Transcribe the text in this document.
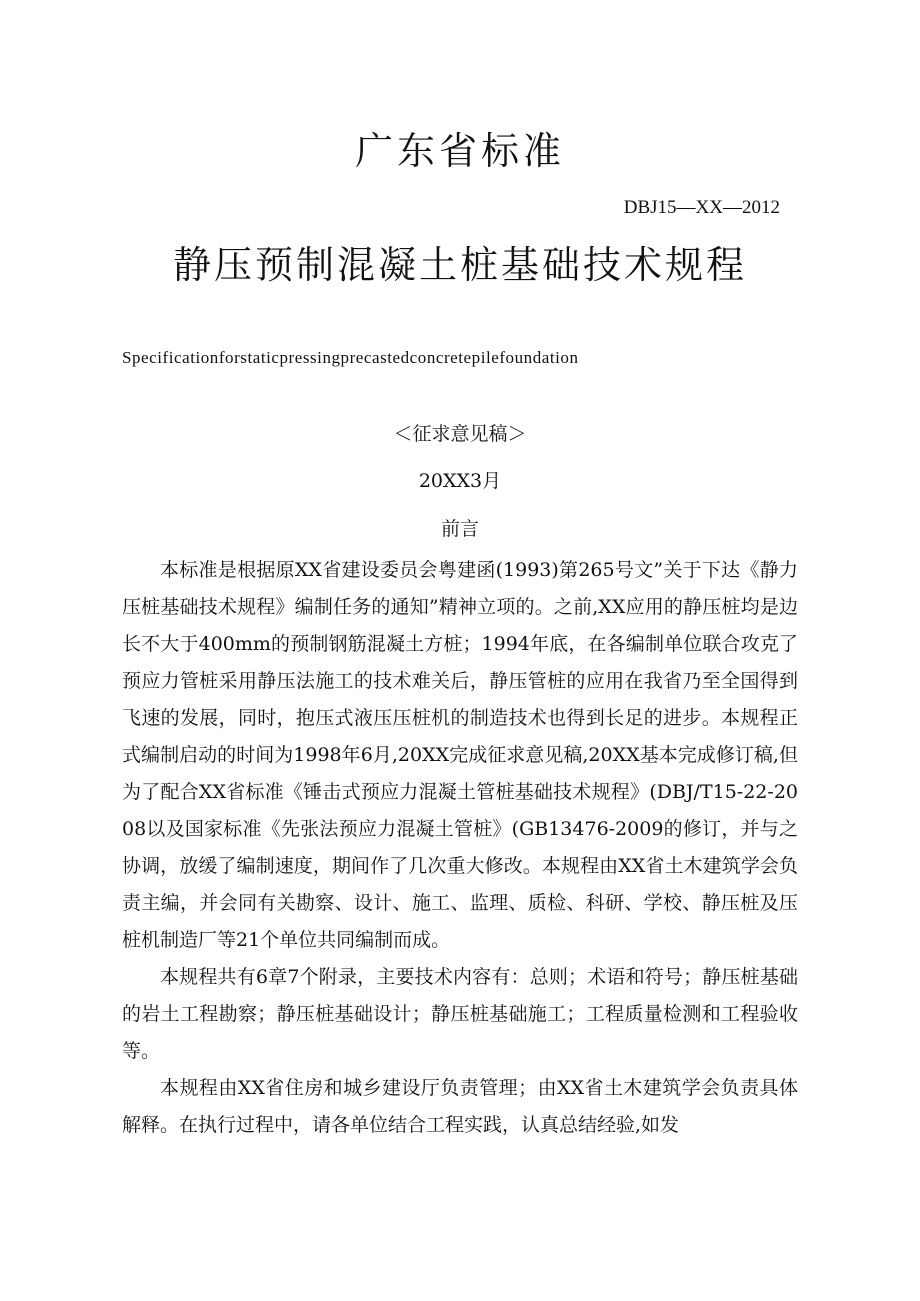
广东省标准
DBJ15—XX—2012
静压预制混凝土桩基础技术规程
Specificationforstaticpressingprecastedconcretepilefoundation
＜征求意见稿＞
20XX3月
前言

本标准是根据原XX省建设委员会粤建函(1993)第265号文”关于下达《静力压桩基础技术规程》编制任务的通知”精神立项的。之前,XX应用的静压桩均是边长不大于400mm的预制钢筋混凝土方桩；1994年底，在各编制单位联合攻克了预应力管桩采用静压法施工的技术难关后，静压管桩的应用在我省乃至全国得到飞速的发展，同时，抱压式液压压桩机的制造技术也得到长足的进步。本规程正式编制启动的时间为1998年6月,20XX完成征求意见稿,20XX基本完成修订稿,但为了配合XX省标准《锤击式预应力混凝土管桩基础技术规程》(DBJ/T15-22-2008以及国家标准《先张法预应力混凝土管桩》(GB13476-2009的修订，并与之协调，放缓了编制速度，期间作了几次重大修改。本规程由XX省土木建筑学会负责主编，并会同有关勘察、设计、施工、监理、质检、科研、学校、静压桩及压桩机制造厂等21个单位共同编制而成。

本规程共有6章7个附录，主要技术内容有：总则；术语和符号；静压桩基础的岩土工程勘察；静压桩基础设计；静压桩基础施工；工程质量检测和工程验收等。

本规程由XX省住房和城乡建设厅负责管理；由XX省土木建筑学会负责具体解释。在执行过程中，请各单位结合工程实践，认真总结经验,如发
